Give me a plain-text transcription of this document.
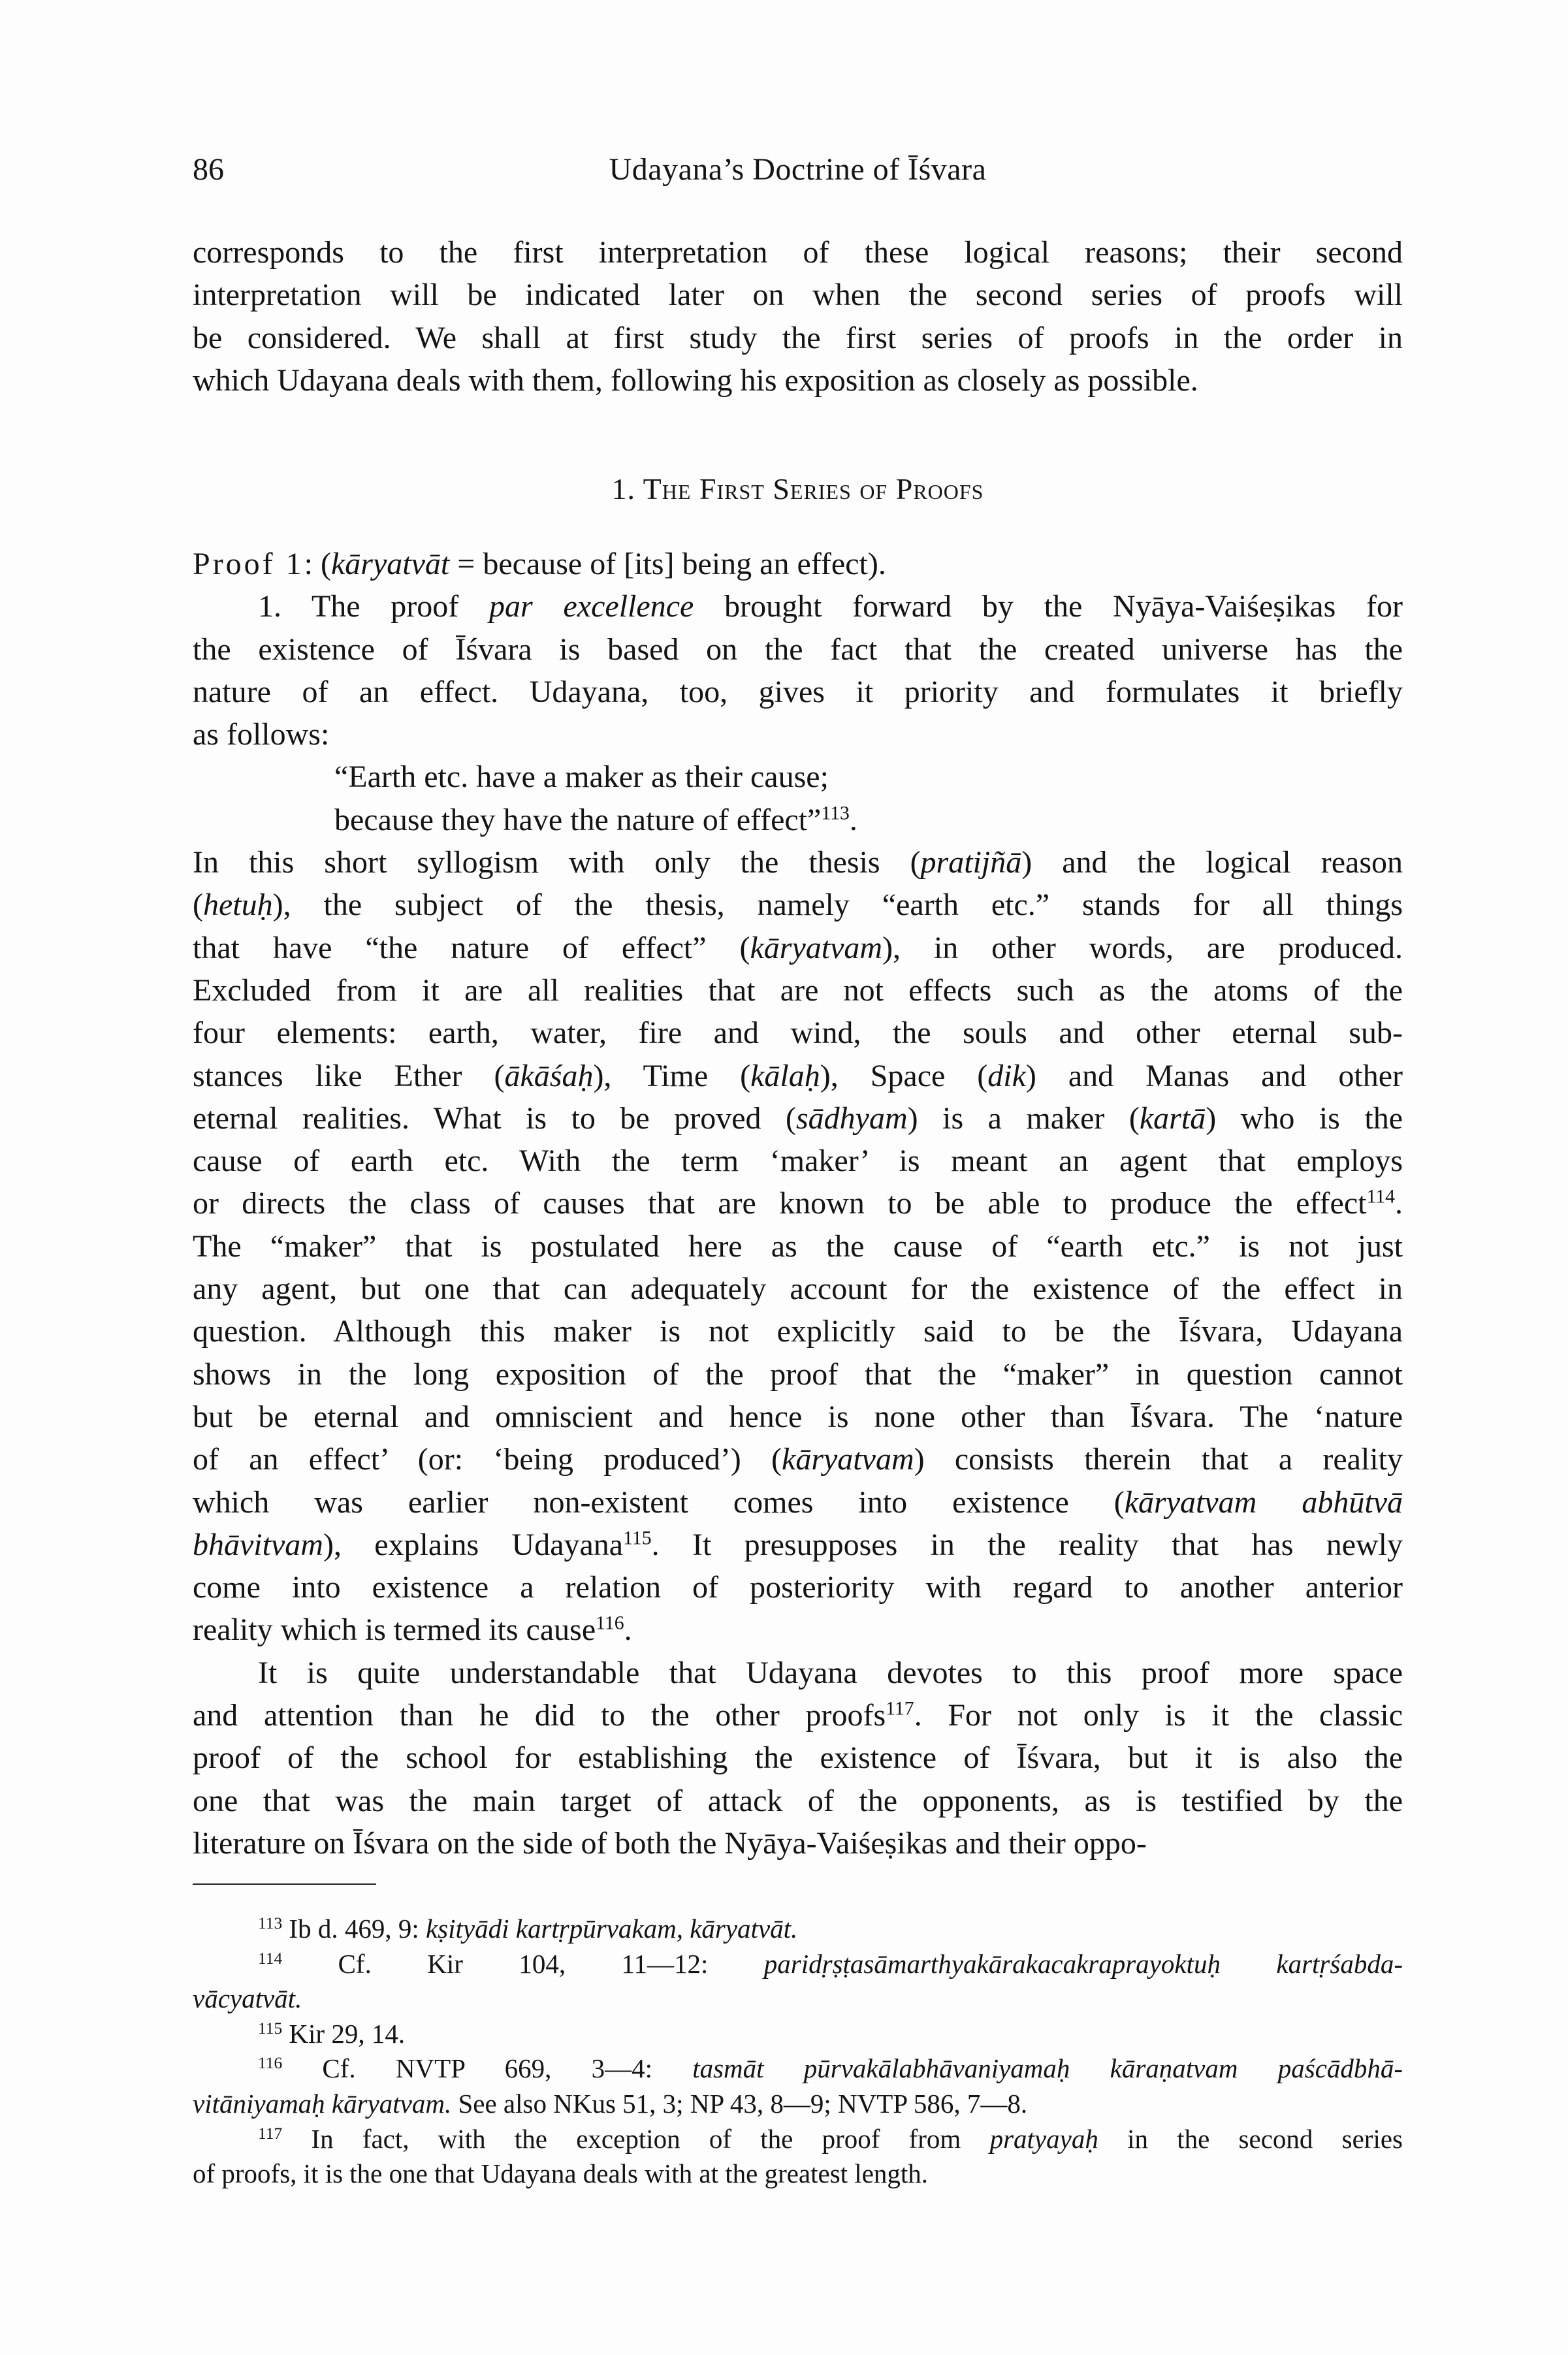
86	Udayana’s Doctrine of Īśvara
corresponds to the first interpretation of these logical reasons; their second
interpretation will be indicated later on when the second series of proofs will
be considered. We shall at first study the first series of proofs in the order in
which Udayana deals with them, following his exposition as closely as possible.
1. The First Series of Proofs
Proof 1: (kāryatvāt = because of [its] being an effect).
1. The proof par excellence brought forward by the Nyāya-Vaiśeṣikas for
the existence of Īśvara is based on the fact that the created universe has the
nature of an effect. Udayana, too, gives it priority and formulates it briefly
as follows:
“Earth etc. have a maker as their cause;
because they have the nature of effect”$^{113}$.
In this short syllogism with only the thesis (pratijñā) and the logical reason
(hetuḥ), the subject of the thesis, namely “earth etc.” stands for all things
that have “the nature of effect” (kāryatvam), in other words, are produced.
Excluded from it are all realities that are not effects such as the atoms of the
four elements: earth, water, fire and wind, the souls and other eternal sub-
stances like Ether (ākāśaḥ), Time (kālaḥ), Space (dik) and Manas and other
eternal realities. What is to be proved (sādhyam) is a maker (kartā) who is the
cause of earth etc. With the term ‘maker’ is meant an agent that employs
or directs the class of causes that are known to be able to produce the effect$^{114}$.
The “maker” that is postulated here as the cause of “earth etc.” is not just
any agent, but one that can adequately account for the existence of the effect in
question. Although this maker is not explicitly said to be the Īśvara, Udayana
shows in the long exposition of the proof that the “maker” in question cannot
but be eternal and omniscient and hence is none other than Īśvara. The ‘nature
of an effect’ (or: ‘being produced’) (kāryatvam) consists therein that a reality
which was earlier non-existent comes into existence (kāryatvam abhūtvā
bhāvitvam), explains Udayana$^{115}$. It presupposes in the reality that has newly
come into existence a relation of posteriority with regard to another anterior
reality which is termed its cause$^{116}$.
It is quite understandable that Udayana devotes to this proof more space
and attention than he did to the other proofs$^{117}$. For not only is it the classic
proof of the school for establishing the existence of Īśvara, but it is also the
one that was the main target of attack of the opponents, as is testified by the
literature on Īśvara on the side of both the Nyāya-Vaiśeṣikas and their oppo-
$^{113}$ Ib d. 469, 9: kṣityādi kartṛpūrvakam, kāryatvāt.
$^{114}$ Cf. Kir 104, 11—12: paridṛṣṭasāmarthyakārakacakraprayoktuḥ kartṛśabda-
vācyatvāt.
$^{115}$ Kir 29, 14.
$^{116}$ Cf. NVTP 669, 3—4: tasmāt pūrvakālabhāvaniyamaḥ kāraṇatvam paścādbhā-
vitāniyamaḥ kāryatvam. See also NKus 51, 3; NP 43, 8—9; NVTP 586, 7—8.
$^{117}$ In fact, with the exception of the proof from pratyayaḥ in the second series
of proofs, it is the one that Udayana deals with at the greatest length.
